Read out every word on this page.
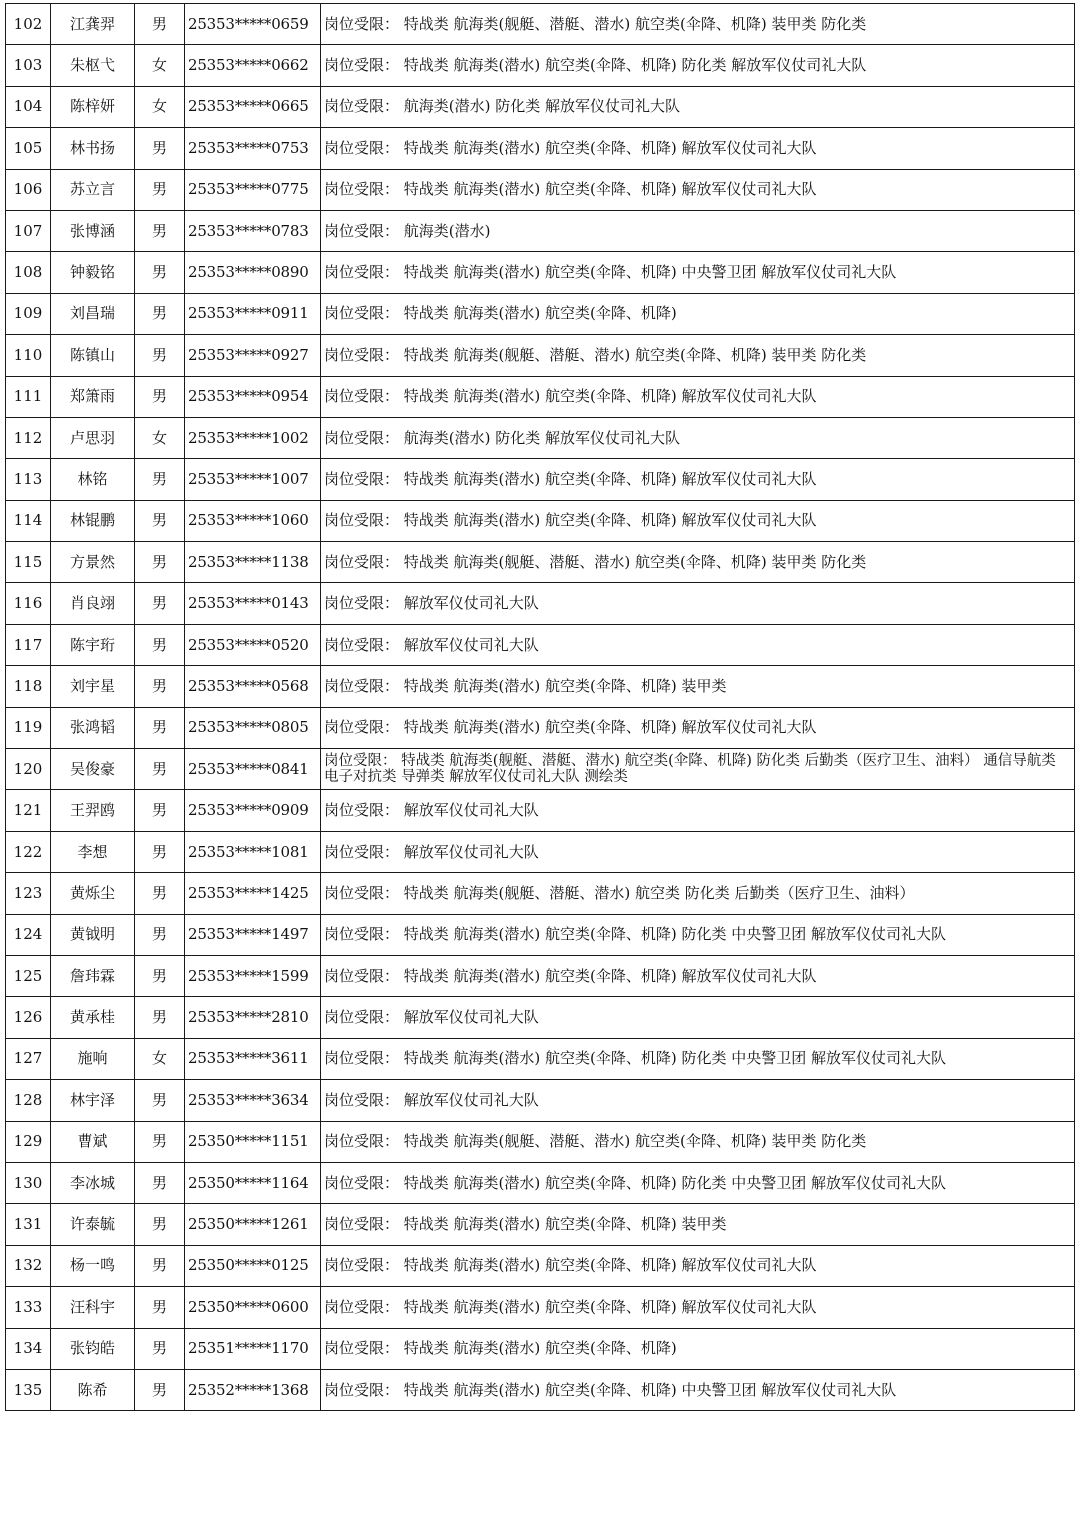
102	江龚羿	男	25353*****0659	岗位受限： 特战类 航海类(舰艇、潜艇、潜水) 航空类(伞降、机降) 装甲类 防化类
103	朱枢弋	女	25353*****0662	岗位受限： 特战类 航海类(潜水) 航空类(伞降、机降) 防化类 解放军仪仗司礼大队
104	陈梓妍	女	25353*****0665	岗位受限： 航海类(潜水) 防化类 解放军仪仗司礼大队
105	林书扬	男	25353*****0753	岗位受限： 特战类 航海类(潜水) 航空类(伞降、机降) 解放军仪仗司礼大队
106	苏立言	男	25353*****0775	岗位受限： 特战类 航海类(潜水) 航空类(伞降、机降) 解放军仪仗司礼大队
107	张博涵	男	25353*****0783	岗位受限： 航海类(潜水)
108	钟毅铭	男	25353*****0890	岗位受限： 特战类 航海类(潜水) 航空类(伞降、机降) 中央警卫团 解放军仪仗司礼大队
109	刘昌瑞	男	25353*****0911	岗位受限： 特战类 航海类(潜水) 航空类(伞降、机降)
110	陈镇山	男	25353*****0927	岗位受限： 特战类 航海类(舰艇、潜艇、潜水) 航空类(伞降、机降) 装甲类 防化类
111	郑箫雨	男	25353*****0954	岗位受限： 特战类 航海类(潜水) 航空类(伞降、机降) 解放军仪仗司礼大队
112	卢思羽	女	25353*****1002	岗位受限： 航海类(潜水) 防化类 解放军仪仗司礼大队
113	林铭	男	25353*****1007	岗位受限： 特战类 航海类(潜水) 航空类(伞降、机降) 解放军仪仗司礼大队
114	林锟鹏	男	25353*****1060	岗位受限： 特战类 航海类(潜水) 航空类(伞降、机降) 解放军仪仗司礼大队
115	方景然	男	25353*****1138	岗位受限： 特战类 航海类(舰艇、潜艇、潜水) 航空类(伞降、机降) 装甲类 防化类
116	肖良翊	男	25353*****0143	岗位受限： 解放军仪仗司礼大队
117	陈宇珩	男	25353*****0520	岗位受限： 解放军仪仗司礼大队
118	刘宇星	男	25353*****0568	岗位受限： 特战类 航海类(潜水) 航空类(伞降、机降) 装甲类
119	张鸿韬	男	25353*****0805	岗位受限： 特战类 航海类(潜水) 航空类(伞降、机降) 解放军仪仗司礼大队
120	吴俊豪	男	25353*****0841	岗位受限： 特战类 航海类(舰艇、潜艇、潜水) 航空类(伞降、机降) 防化类 后勤类（医疗卫生、油料） 通信导航类 电子对抗类 导弹类 解放军仪仗司礼大队 测绘类
121	王羿鸥	男	25353*****0909	岗位受限： 解放军仪仗司礼大队
122	李想	男	25353*****1081	岗位受限： 解放军仪仗司礼大队
123	黄烁尘	男	25353*****1425	岗位受限： 特战类 航海类(舰艇、潜艇、潜水) 航空类 防化类 后勤类（医疗卫生、油料）
124	黄钺明	男	25353*****1497	岗位受限： 特战类 航海类(潜水) 航空类(伞降、机降) 防化类 中央警卫团 解放军仪仗司礼大队
125	詹玮霖	男	25353*****1599	岗位受限： 特战类 航海类(潜水) 航空类(伞降、机降) 解放军仪仗司礼大队
126	黄承桂	男	25353*****2810	岗位受限： 解放军仪仗司礼大队
127	施响	女	25353*****3611	岗位受限： 特战类 航海类(潜水) 航空类(伞降、机降) 防化类 中央警卫团 解放军仪仗司礼大队
128	林宇泽	男	25353*****3634	岗位受限： 解放军仪仗司礼大队
129	曹斌	男	25350*****1151	岗位受限： 特战类 航海类(舰艇、潜艇、潜水) 航空类(伞降、机降) 装甲类 防化类
130	李冰城	男	25350*****1164	岗位受限： 特战类 航海类(潜水) 航空类(伞降、机降) 防化类 中央警卫团 解放军仪仗司礼大队
131	许泰毓	男	25350*****1261	岗位受限： 特战类 航海类(潜水) 航空类(伞降、机降) 装甲类
132	杨一鸣	男	25350*****0125	岗位受限： 特战类 航海类(潜水) 航空类(伞降、机降) 解放军仪仗司礼大队
133	汪科宇	男	25350*****0600	岗位受限： 特战类 航海类(潜水) 航空类(伞降、机降) 解放军仪仗司礼大队
134	张钧皓	男	25351*****1170	岗位受限： 特战类 航海类(潜水) 航空类(伞降、机降)
135	陈希	男	25352*****1368	岗位受限： 特战类 航海类(潜水) 航空类(伞降、机降) 中央警卫团 解放军仪仗司礼大队
